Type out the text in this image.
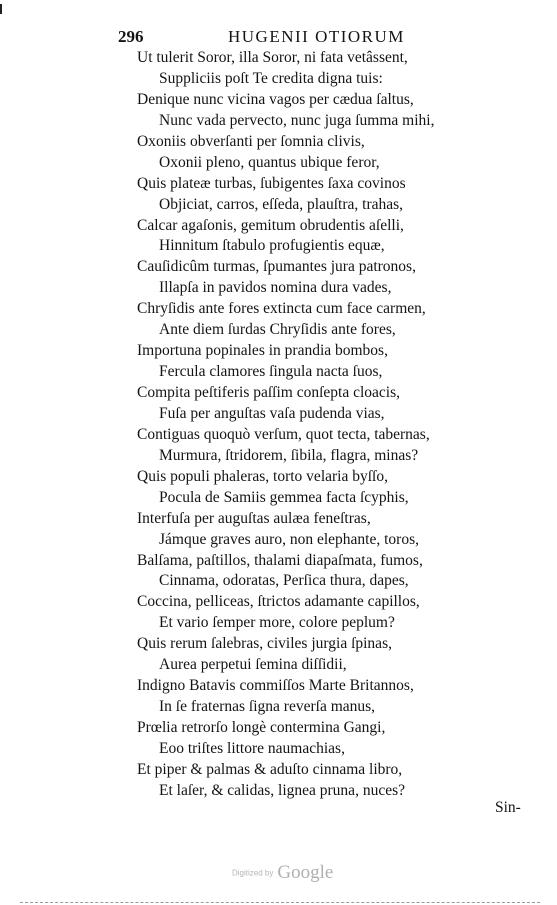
296	HUGENII OTIORUM
Ut tulerit Soror, illa Soror, ni fata vetâssent,
Suppliciis poſt Te credita digna tuis:
Denique nunc vicina vagos per cædua ſaltus,
Nunc vada pervecto, nunc juga ſumma mihi,
Oxoniis obverſanti per ſomnia clivis,
Oxonii pleno, quantus ubique feror,
Quis plateæ turbas, ſubigentes ſaxa covinos
Objiciat, carros, eſſeda, plauſtra, trahas,
Calcar agaſonis, gemitum obrudentis aſelli,
Hinnitum ſtabulo profugientis equæ,
Cauſidicûm turmas, ſpumantes jura patronos,
Illapſa in pavidos nomina dura vades,
Chryſidis ante fores extincta cum face carmen,
Ante diem ſurdas Chryſidis ante fores,
Importuna popinales in prandia bombos,
Fercula clamores ſingula nacta ſuos,
Compita peſtiferis paſſim conſepta cloacis,
Fuſa per anguſtas vaſa pudenda vias,
Contiguas quoquò verſum, quot tecta, tabernas,
Murmura, ſtridorem, ſibila, flagra, minas?
Quis populi phaleras, torto velaria byſſo,
Pocula de Samiis gemmea facta ſcyphis,
Interfuſa per auguſtas aulæa feneſtras,
Jámque graves auro, non elephante, toros,
Balſama, paſtillos, thalami diapaſmata, fumos,
Cinnama, odoratas, Perſica thura, dapes,
Coccina, pelliceas, ſtrictos adamante capillos,
Et vario ſemper more, colore peplum?
Quis rerum ſalebras, civiles jurgia ſpinas,
Aurea perpetui ſemina diſſidii,
Indigno Batavis commiſſos Marte Britannos,
In ſe fraternas ſigna reverſa manus,
Prœlia retrorſo longè contermina Gangi,
Eoo triſtes littore naumachias,
Et piper & palmas & aduſto cinnama libro,
Et laſer, & calidas, lignea pruna, nuces?
Sin-
Digitized by Google
